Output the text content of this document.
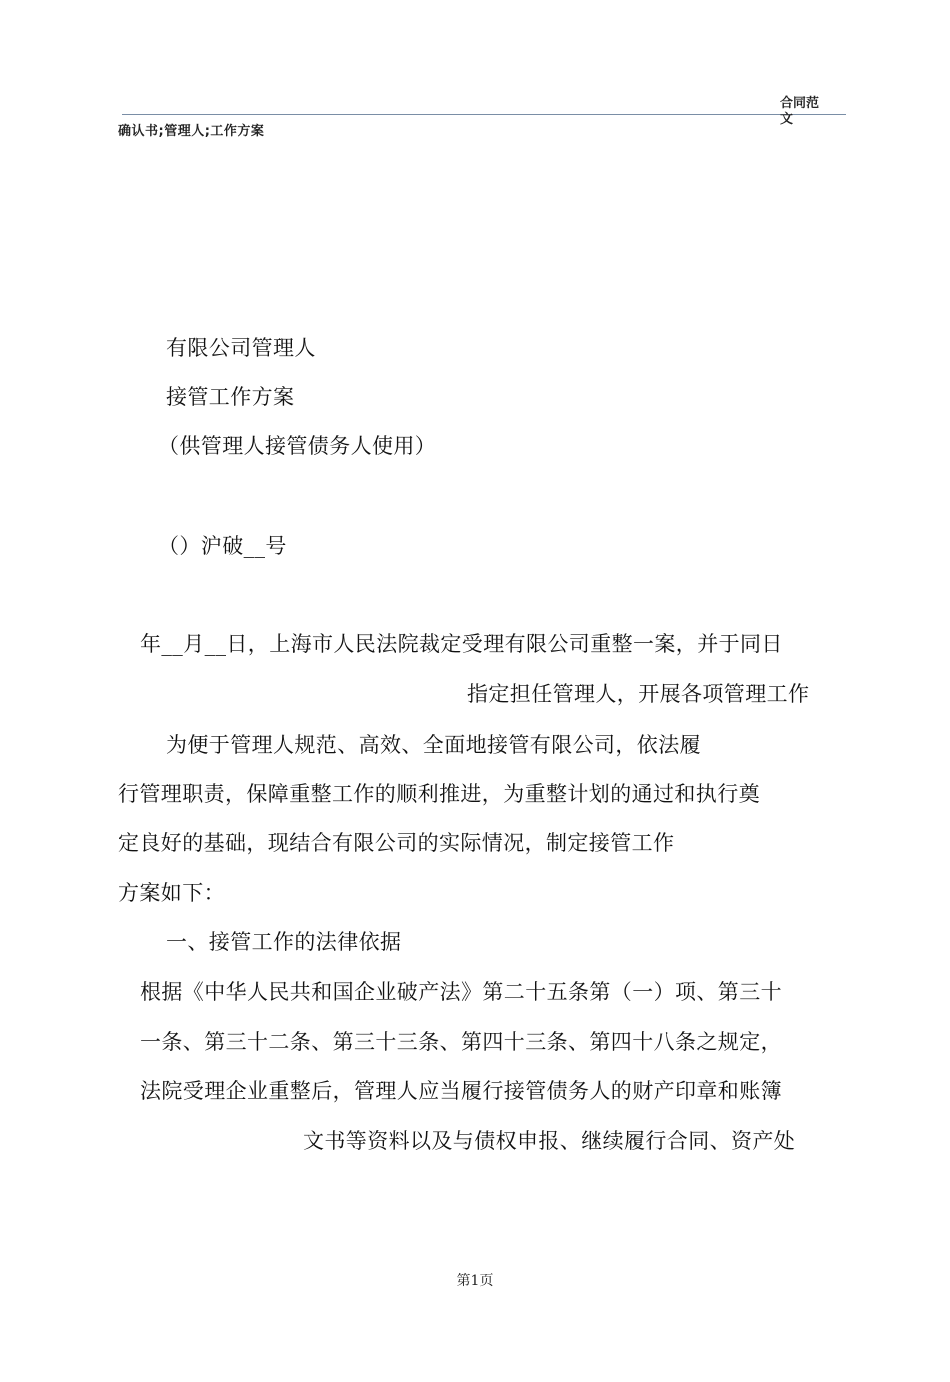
确认书;管理人;工作方案
合同范文
有限公司管理人
接管工作方案
（供管理人接管债务人使用）
（）沪破__号
年__月__日，上海市人民法院裁定受理有限公司重整一案，并于同日
指定担任管理人，开展各项管理工作
为便于管理人规范、高效、全面地接管有限公司，依法履
行管理职责，保障重整工作的顺利推进，为重整计划的通过和执行奠
定良好的基础，现结合有限公司的实际情况，制定接管工作
方案如下：
一、接管工作的法律依据
根据《中华人民共和国企业破产法》第二十五条第（一）项、第三十
一条、第三十二条、第三十三条、第四十三条、第四十八条之规定，
法院受理企业重整后，管理人应当履行接管债务人的财产印章和账簿
文书等资料以及与债权申报、继续履行合同、资产处
第1页
